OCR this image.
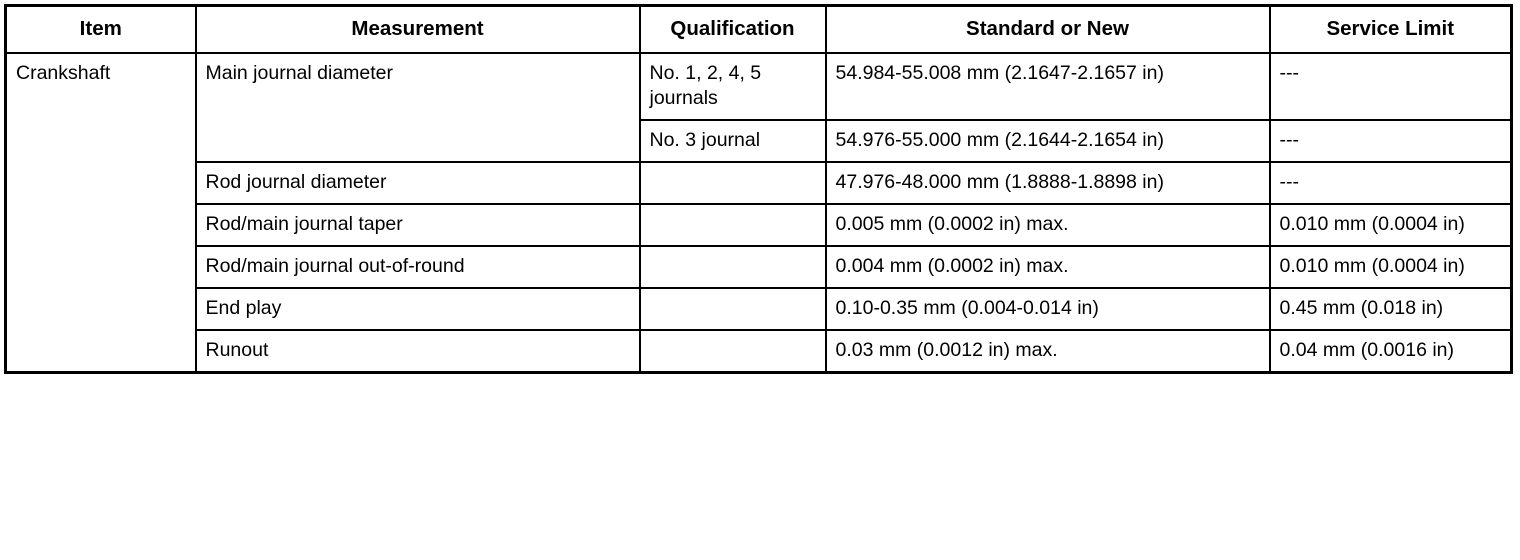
Item	Measurement	Qualification	Standard or New	Service Limit
Crankshaft	Main journal diameter	No. 1, 2, 4, 5 journals	54.984-55.008 mm (2.1647-2.1657 in)	---
		No. 3 journal	54.976-55.000 mm (2.1644-2.1654 in)	---
	Rod journal diameter		47.976-48.000 mm (1.8888-1.8898 in)	---
	Rod/main journal taper		0.005 mm (0.0002 in) max.	0.010 mm (0.0004 in)
	Rod/main journal out-of-round		0.004 mm (0.0002 in) max.	0.010 mm (0.0004 in)
	End play		0.10-0.35 mm (0.004-0.014 in)	0.45 mm (0.018 in)
	Runout		0.03 mm (0.0012 in) max.	0.04 mm (0.0016 in)
